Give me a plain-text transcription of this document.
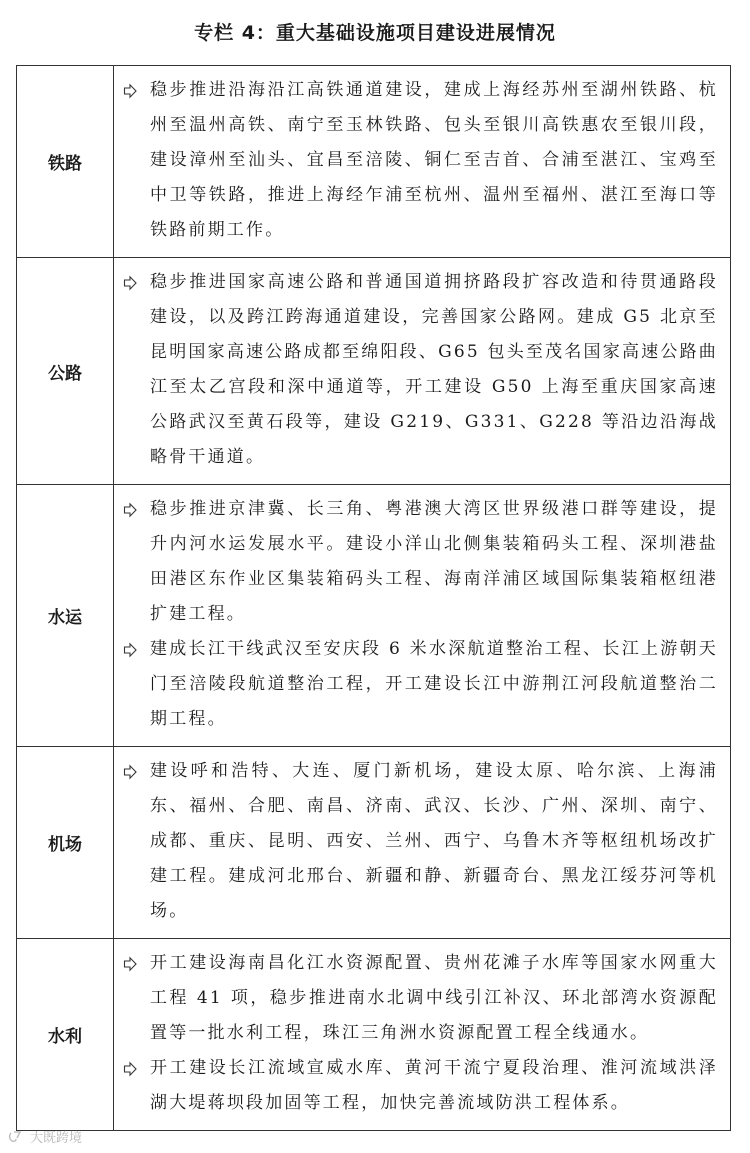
专栏 4：重大基础设施项目建设进展情况
铁路	稳步推进沿海沿江高铁通道建设，建成上海经苏州至湖州铁路、杭州至温州高铁、南宁至玉林铁路、包头至银川高铁惠农至银川段，建设漳州至汕头、宜昌至涪陵、铜仁至吉首、合浦至湛江、宝鸡至中卫等铁路，推进上海经乍浦至杭州、温州至福州、湛江至海口等铁路前期工作。

公路	稳步推进国家高速公路和普通国道拥挤路段扩容改造和待贯通路段建设，以及跨江跨海通道建设，完善国家公路网。建成 G5 北京至昆明国家高速公路成都至绵阳段、G65 包头至茂名国家高速公路曲江至太乙宫段和深中通道等，开工建设 G50 上海至重庆国家高速公路武汉至黄石段等，建设 G219、G331、G228 等沿边沿海战略骨干通道。

水运	稳步推进京津冀、长三角、粤港澳大湾区世界级港口群等建设，提升内河水运发展水平。建设小洋山北侧集装箱码头工程、深圳港盐田港区东作业区集装箱码头工程、海南洋浦区域国际集装箱枢纽港扩建工程。
建成长江干线武汉至安庆段 6 米水深航道整治工程、长江上游朝天门至涪陵段航道整治工程，开工建设长江中游荆江河段航道整治二期工程。

机场	建设呼和浩特、大连、厦门新机场，建设太原、哈尔滨、上海浦东、福州、合肥、南昌、济南、武汉、长沙、广州、深圳、南宁、成都、重庆、昆明、西安、兰州、西宁、乌鲁木齐等枢纽机场改扩建工程。建成河北邢台、新疆和静、新疆奇台、黑龙江绥芬河等机场。

水利	开工建设海南昌化江水资源配置、贵州花滩子水库等国家水网重大工程 41 项，稳步推进南水北调中线引江补汉、环北部湾水资源配置等一批水利工程，珠江三角洲水资源配置工程全线通水。
开工建设长江流域宣威水库、黄河干流宁夏段治理、淮河流域洪泽湖大堤蒋坝段加固等工程，加快完善流域防洪工程体系。
大既跨境
